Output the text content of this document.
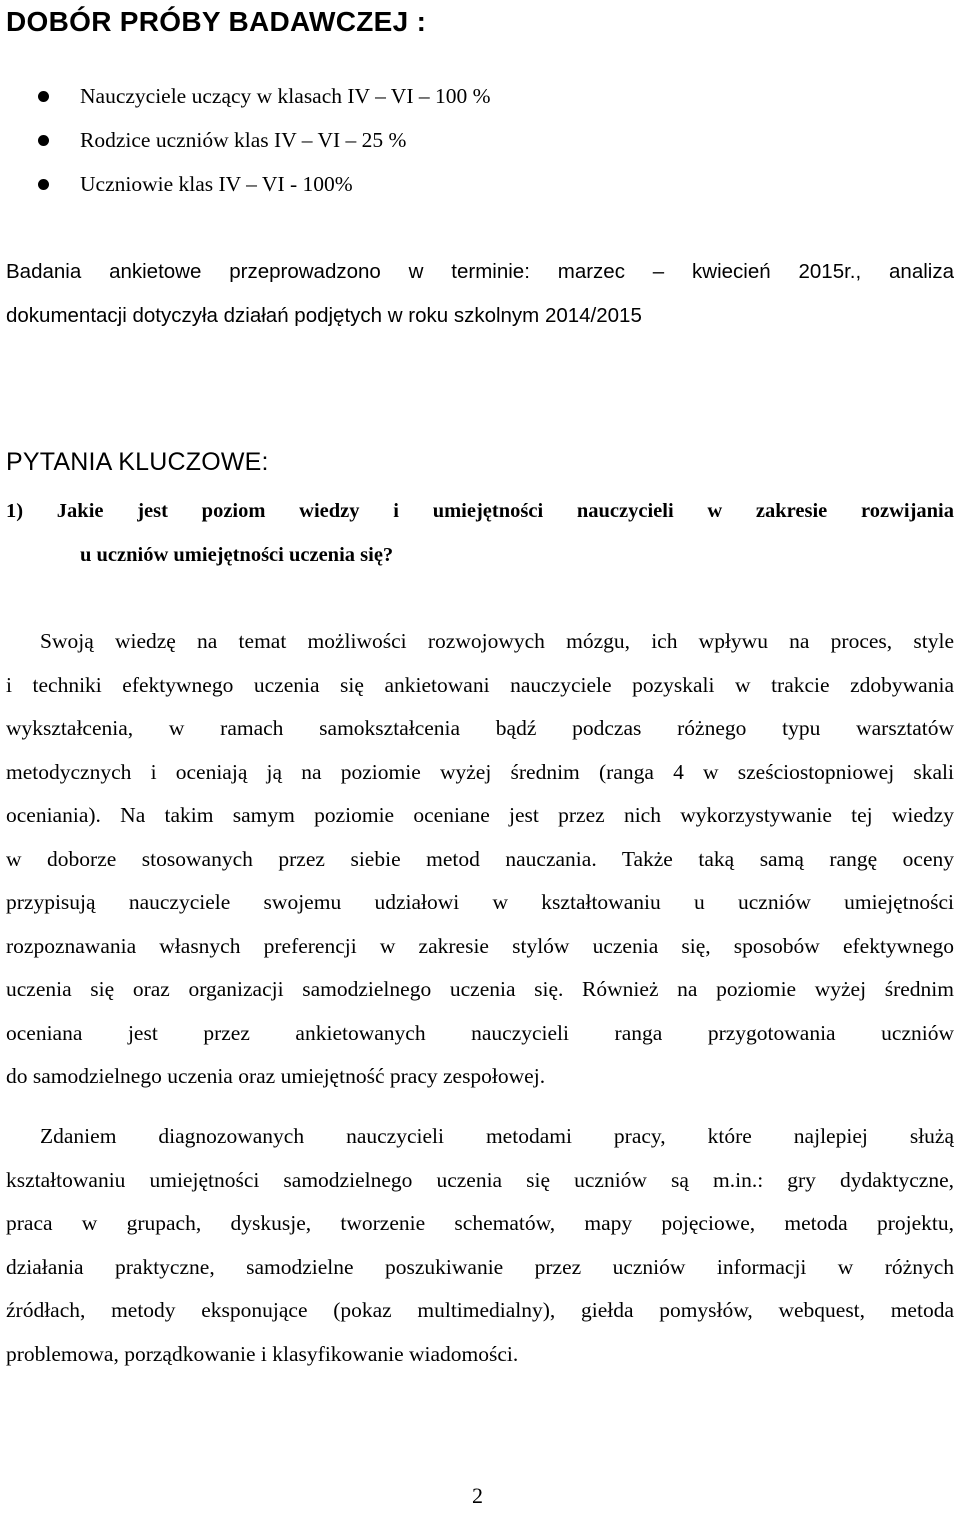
DOBÓR PRÓBY BADAWCZEJ :
Nauczyciele uczący w klasach IV – VI – 100 %
Rodzice uczniów klas IV – VI – 25 %
Uczniowie klas IV – VI - 100%
Badania ankietowe przeprowadzono w terminie: marzec – kwiecień 2015r., analiza
dokumentacji dotyczyła działań podjętych w roku szkolnym 2014/2015
PYTANIA KLUCZOWE:
1) Jakie jest poziom wiedzy i umiejętności nauczycieli w zakresie rozwijania
u uczniów umiejętności uczenia się?
Swoją wiedzę na temat możliwości rozwojowych mózgu, ich wpływu na proces, style
i techniki efektywnego uczenia się ankietowani nauczyciele pozyskali w trakcie zdobywania
wykształcenia, w ramach samokształcenia bądź podczas różnego typu warsztatów
metodycznych i oceniają ją na poziomie wyżej średnim (ranga 4 w sześciostopniowej skali
oceniania). Na takim samym poziomie oceniane jest przez nich wykorzystywanie tej wiedzy
w doborze stosowanych przez siebie metod nauczania. Także taką samą rangę oceny
przypisują nauczyciele swojemu udziałowi w kształtowaniu u uczniów umiejętności
rozpoznawania własnych preferencji w zakresie stylów uczenia się, sposobów efektywnego
uczenia się oraz organizacji samodzielnego uczenia się. Również na poziomie wyżej średnim
oceniana jest przez ankietowanych nauczycieli ranga przygotowania uczniów
do samodzielnego uczenia oraz umiejętność pracy zespołowej.
Zdaniem diagnozowanych nauczycieli metodami pracy, które najlepiej służą
kształtowaniu umiejętności samodzielnego uczenia się uczniów są m.in.: gry dydaktyczne,
praca w grupach, dyskusje, tworzenie schematów, mapy pojęciowe, metoda projektu,
działania praktyczne, samodzielne poszukiwanie przez uczniów informacji w różnych
źródłach, metody eksponujące (pokaz multimedialny), giełda pomysłów, webquest, metoda
problemowa, porządkowanie i klasyfikowanie wiadomości.
2
